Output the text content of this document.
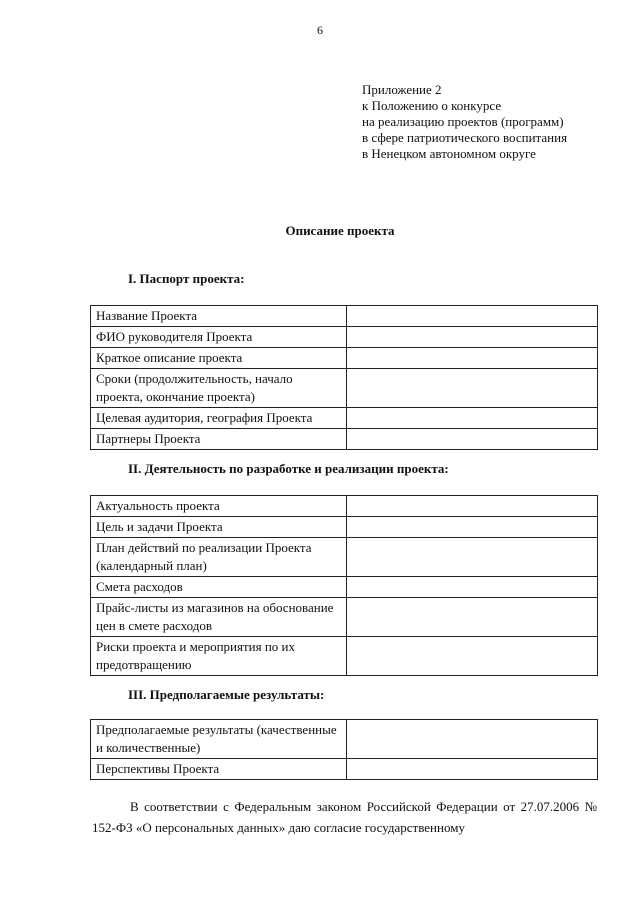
6
Приложение 2
к Положению о конкурсе
на реализацию проектов (программ)
в сфере патриотического воспитания
в Ненецком автономном округе
Описание проекта
I. Паспорт проекта:
Название Проекта	
ФИО руководителя Проекта	
Краткое описание проекта	
Сроки (продолжительность, начало проекта, окончание проекта)	
Целевая аудитория, география Проекта	
Партнеры Проекта	
II. Деятельность по разработке и реализации проекта:
Актуальность проекта	
Цель и задачи Проекта	
План действий по реализации Проекта (календарный план)	
Смета расходов	
Прайс-листы из магазинов на обоснование цен в смете расходов	
Риски проекта и мероприятия по их предотвращению	
III. Предполагаемые результаты:
Предполагаемые результаты (качественные и количественные)	
Перспективы Проекта	
В соответствии с Федеральным законом Российской Федерации от 27.07.2006 № 152-ФЗ «О персональных данных» даю согласие государственному
